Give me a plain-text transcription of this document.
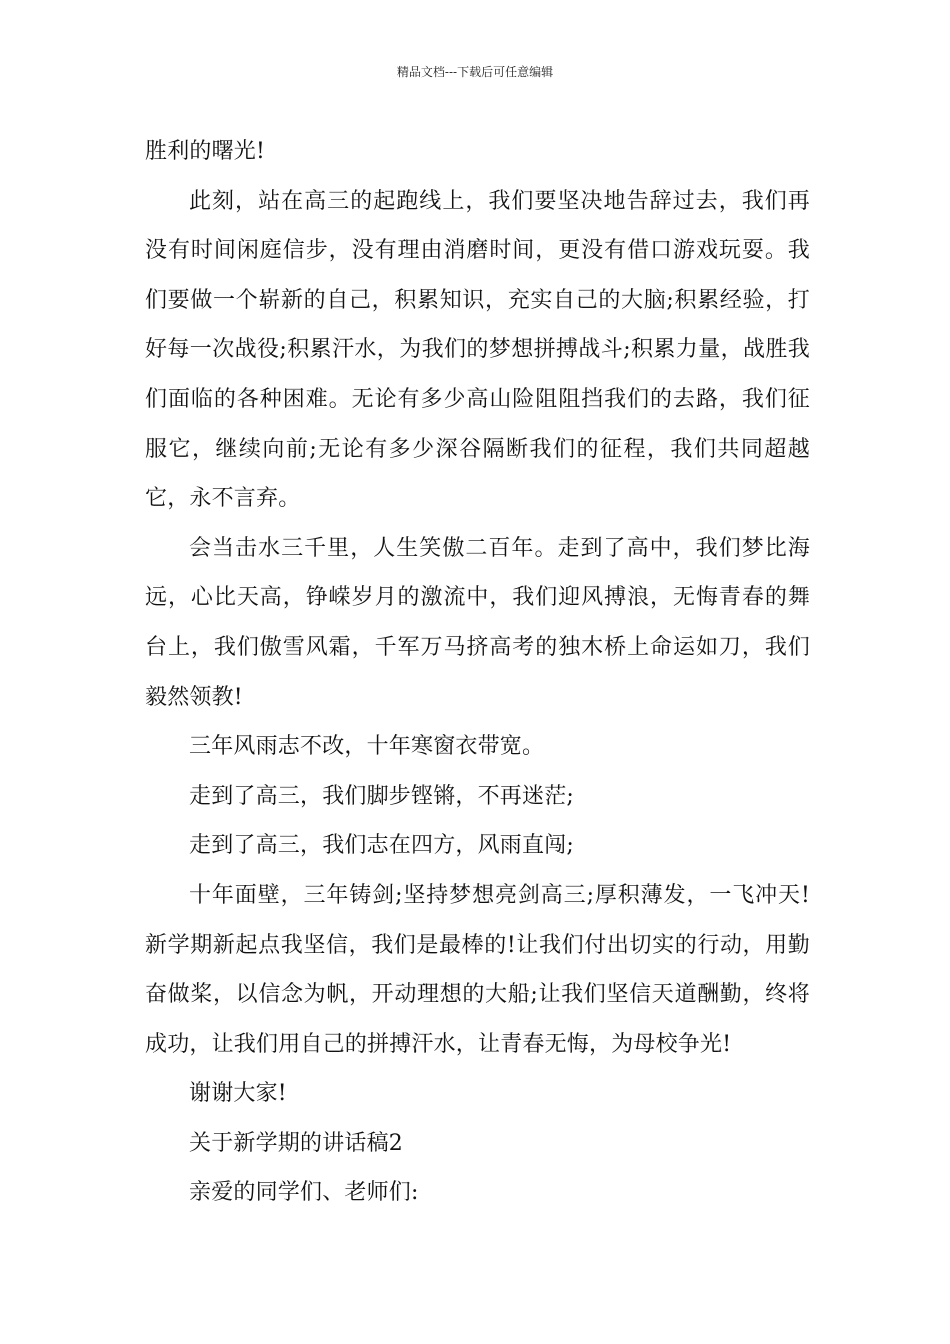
精品文档---下载后可任意编辑

胜利的曙光!

此刻，站在高三的起跑线上，我们要坚决地告辞过去，我们再没有时间闲庭信步，没有理由消磨时间，更没有借口游戏玩耍。我们要做一个崭新的自己，积累知识，充实自己的大脑;积累经验，打好每一次战役;积累汗水，为我们的梦想拼搏战斗;积累力量，战胜我们面临的各种困难。无论有多少高山险阻阻挡我们的去路，我们征服它，继续向前;无论有多少深谷隔断我们的征程，我们共同超越它，永不言弃。

会当击水三千里，人生笑傲二百年。走到了高中，我们梦比海远，心比天高，铮嵘岁月的激流中，我们迎风搏浪，无悔青春的舞台上，我们傲雪风霜，千军万马挤高考的独木桥上命运如刀，我们毅然领教!

三年风雨志不改，十年寒窗衣带宽。

走到了高三，我们脚步铿锵，不再迷茫;

走到了高三，我们志在四方，风雨直闯;

十年面壁，三年铸剑;坚持梦想亮剑高三;厚积薄发，一飞冲天!新学期新起点我坚信，我们是最棒的!让我们付出切实的行动，用勤奋做桨，以信念为帆，开动理想的大船;让我们坚信天道酬勤，终将成功，让我们用自己的拼搏汗水，让青春无悔，为母校争光!

谢谢大家!

关于新学期的讲话稿2

亲爱的同学们、老师们:
